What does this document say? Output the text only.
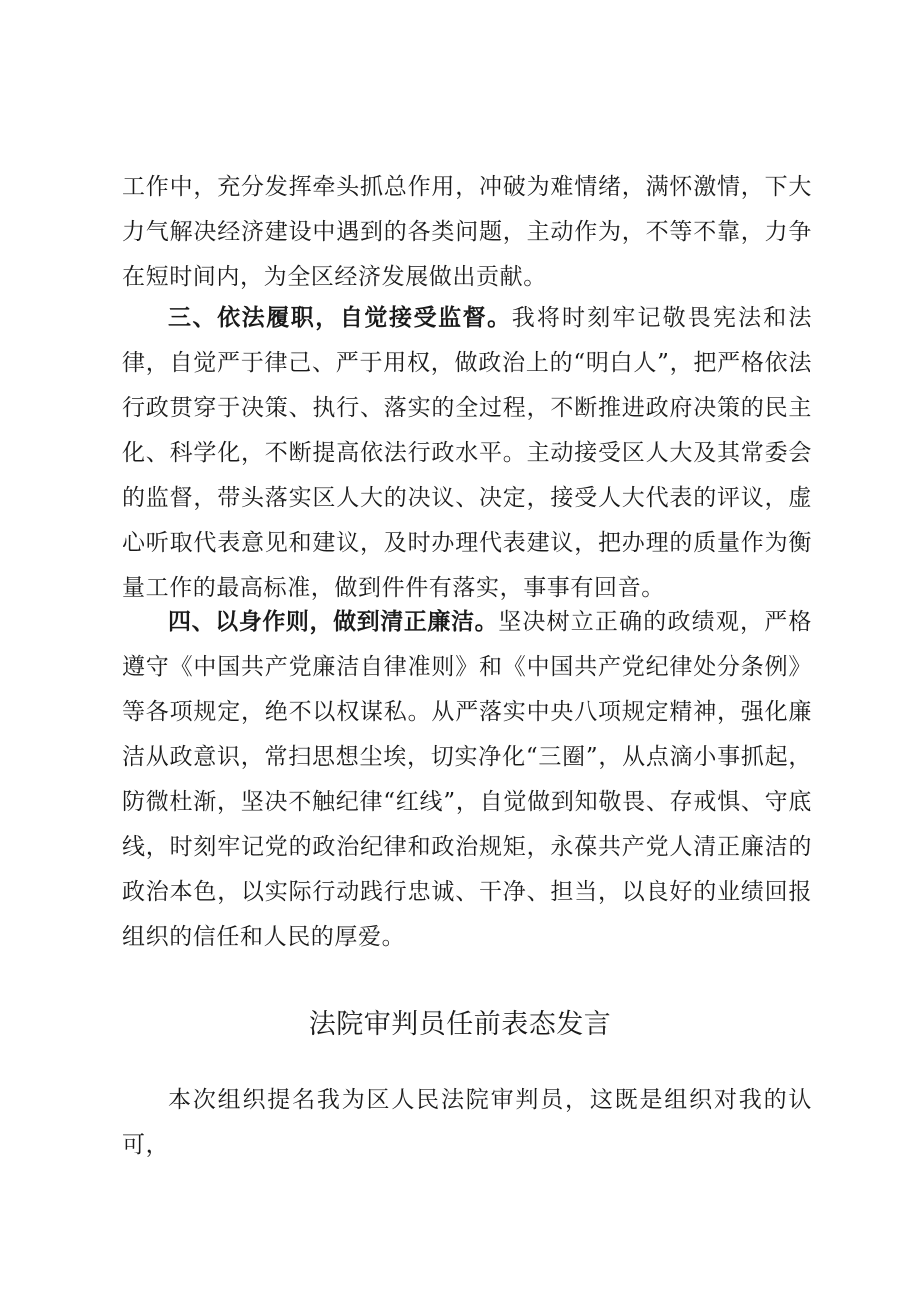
工作中，充分发挥牵头抓总作用，冲破为难情绪，满怀激情，下大力气解决经济建设中遇到的各类问题，主动作为，不等不靠，力争在短时间内，为全区经济发展做出贡献。

三、依法履职，自觉接受监督。我将时刻牢记敬畏宪法和法律，自觉严于律己、严于用权，做政治上的“明白人”，把严格依法行政贯穿于决策、执行、落实的全过程，不断推进政府决策的民主化、科学化，不断提高依法行政水平。主动接受区人大及其常委会的监督，带头落实区人大的决议、决定，接受人大代表的评议，虚心听取代表意见和建议，及时办理代表建议，把办理的质量作为衡量工作的最高标准，做到件件有落实，事事有回音。

四、以身作则，做到清正廉洁。坚决树立正确的政绩观，严格遵守《中国共产党廉洁自律准则》和《中国共产党纪律处分条例》等各项规定，绝不以权谋私。从严落实中央八项规定精神，强化廉洁从政意识，常扫思想尘埃，切实净化“三圈”，从点滴小事抓起，防微杜渐，坚决不触纪律“红线”，自觉做到知敬畏、存戒惧、守底线，时刻牢记党的政治纪律和政治规矩，永葆共产党人清正廉洁的政治本色，以实际行动践行忠诚、干净、担当，以良好的业绩回报组织的信任和人民的厚爱。

法院审判员任前表态发言

本次组织提名我为区人民法院审判员，这既是组织对我的认可，
